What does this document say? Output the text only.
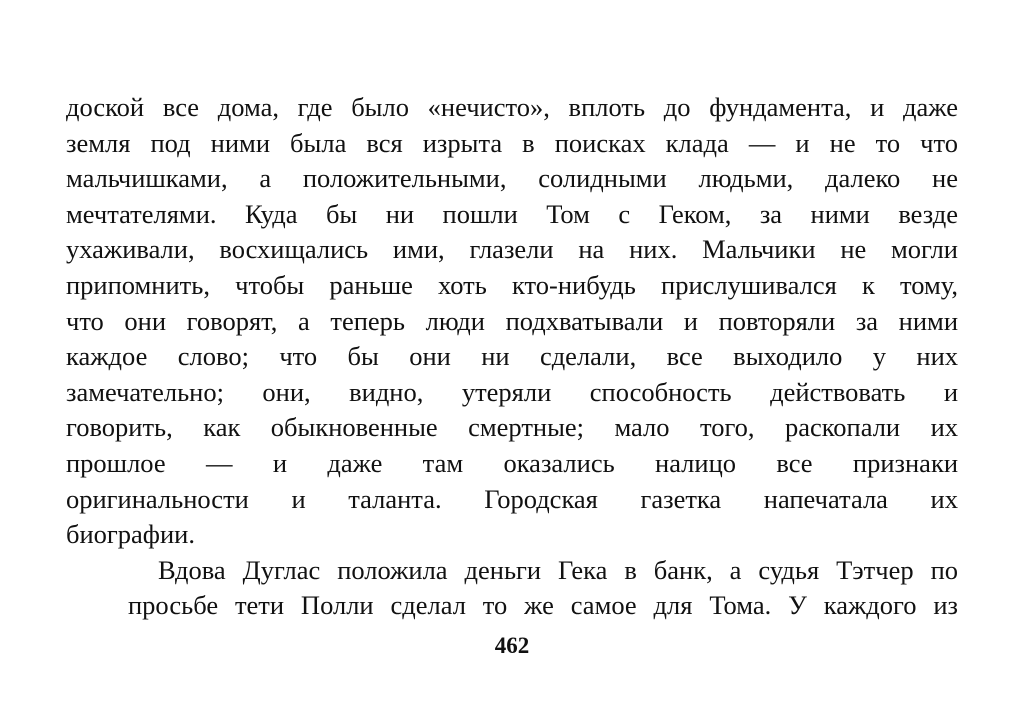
доской все дома, где было «нечисто», вплоть до фундамента, и даже
земля под ними была вся изрыта в поисках клада — и не то что
мальчишками, а положительными, солидными людьми, далеко не
мечтателями. Куда бы ни пошли Том с Геком, за ними везде
ухаживали, восхищались ими, глазели на них. Мальчики не могли
припомнить, чтобы раньше хоть кто-нибудь прислушивался к тому,
что они говорят, а теперь люди подхватывали и повторяли за ними
каждое слово; что бы они ни сделали, все выходило у них
замечательно; они, видно, утеряли способность действовать и
говорить, как обыкновенные смертные; мало того, раскопали их
прошлое — и даже там оказались налицо все признаки
оригинальности и таланта. Городская газетка напечатала их
биографии.
Вдова Дуглас положила деньги Гека в банк, а судья Тэтчер по
просьбе тети Полли сделал то же самое для Тома. У каждого из
462
